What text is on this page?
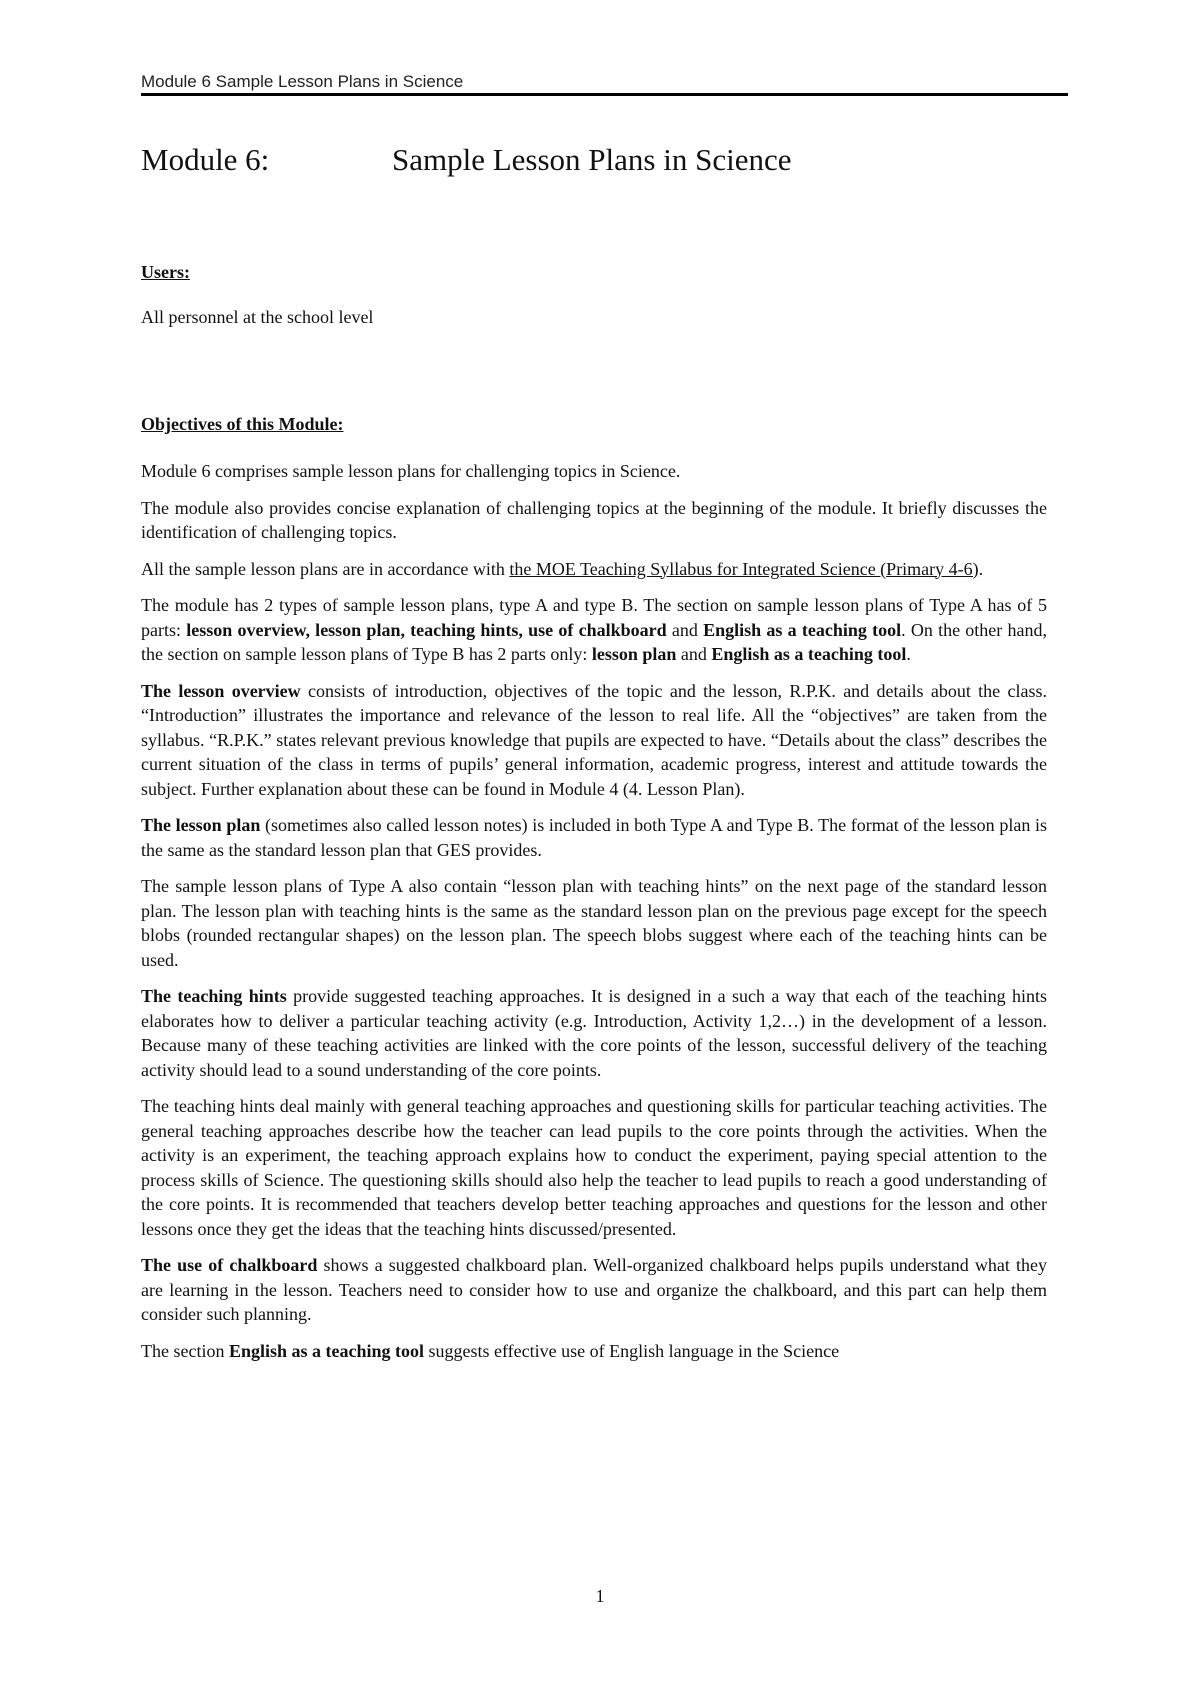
Module 6 Sample Lesson Plans in Science
Module 6:	Sample Lesson Plans in Science
Users:
All personnel at the school level
Objectives of this Module:

Module 6 comprises sample lesson plans for challenging topics in Science.

The module also provides concise explanation of challenging topics at the beginning of the module. It briefly discusses the identification of challenging topics.

All the sample lesson plans are in accordance with the MOE Teaching Syllabus for Integrated Science (Primary 4-6).

The module has 2 types of sample lesson plans, type A and type B. The section on sample lesson plans of Type A has of 5 parts: lesson overview, lesson plan, teaching hints, use of chalkboard and English as a teaching tool. On the other hand, the section on sample lesson plans of Type B has 2 parts only: lesson plan and English as a teaching tool.

The lesson overview consists of introduction, objectives of the topic and the lesson, R.P.K. and details about the class. “Introduction” illustrates the importance and relevance of the lesson to real life. All the “objectives” are taken from the syllabus. “R.P.K.” states relevant previous knowledge that pupils are expected to have. “Details about the class” describes the current situation of the class in terms of pupils’ general information, academic progress, interest and attitude towards the subject. Further explanation about these can be found in Module 4 (4. Lesson Plan).

The lesson plan (sometimes also called lesson notes) is included in both Type A and Type B. The format of the lesson plan is the same as the standard lesson plan that GES provides.

The sample lesson plans of Type A also contain “lesson plan with teaching hints” on the next page of the standard lesson plan. The lesson plan with teaching hints is the same as the standard lesson plan on the previous page except for the speech blobs (rounded rectangular shapes) on the lesson plan. The speech blobs suggest where each of the teaching hints can be used.

The teaching hints provide suggested teaching approaches. It is designed in a such a way that each of the teaching hints elaborates how to deliver a particular teaching activity (e.g. Introduction, Activity 1,2…) in the development of a lesson. Because many of these teaching activities are linked with the core points of the lesson, successful delivery of the teaching activity should lead to a sound understanding of the core points.

The teaching hints deal mainly with general teaching approaches and questioning skills for particular teaching activities. The general teaching approaches describe how the teacher can lead pupils to the core points through the activities. When the activity is an experiment, the teaching approach explains how to conduct the experiment, paying special attention to the process skills of Science. The questioning skills should also help the teacher to lead pupils to reach a good understanding of the core points. It is recommended that teachers develop better teaching approaches and questions for the lesson and other lessons once they get the ideas that the teaching hints discussed/presented.

The use of chalkboard shows a suggested chalkboard plan. Well-organized chalkboard helps pupils understand what they are learning in the lesson. Teachers need to consider how to use and organize the chalkboard, and this part can help them consider such planning.

The section English as a teaching tool suggests effective use of English language in the Science

1
